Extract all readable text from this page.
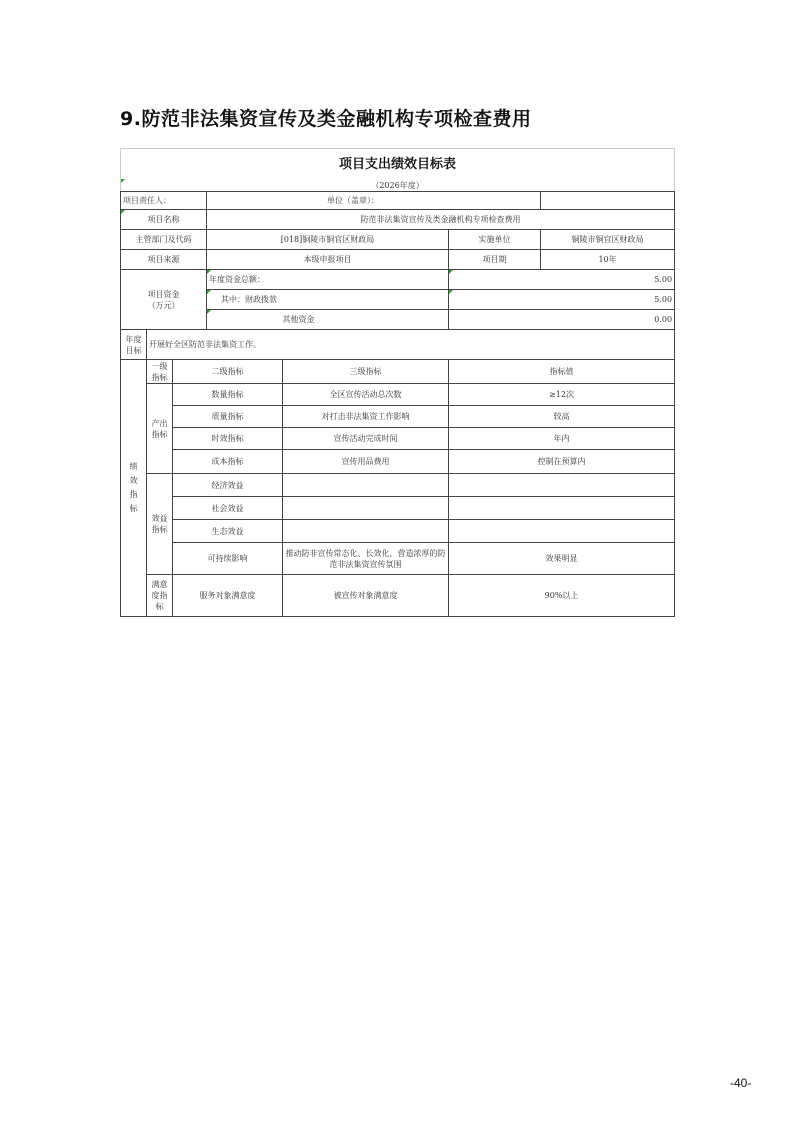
9.防范非法集资宣传及类金融机构专项检查费用
项目支出绩效目标表						
（2026年度）						
项目责任人：			单位（盖章）：			
项目名称			防范非法集资宣传及类金融机构专项检查费用			
主管部门及代码			[018]铜陵市铜官区财政局		实施单位	铜陵市铜官区财政局
项目来源			本级申报项目		项目期	10年

项目资金
（万元）			年度资金总额：		5.00	
			其中：财政拨款		5.00	
			其他资金		0.00	

年度
目标	开展好全区防范非法集资工作。					

绩效指标	一级指标	二级指标		三级指标	指标值	

	产出指标	数量指标		全区宣传活动总次数	≥12次	
		质量指标		对打击非法集资工作影响	较高	
		时效指标		宣传活动完成时间	年内	
		成本指标		宣传用品费用	控制在预算内	

	效益指标	经济效益				
		社会效益				
		生态效益				
		可持续影响		推动防非宣传常态化、长效化，营造浓厚的防范非法集资宣传氛围	效果明显	

	满意度指标	服务对象满意度		被宣传对象满意度	90%以上	
-40-
